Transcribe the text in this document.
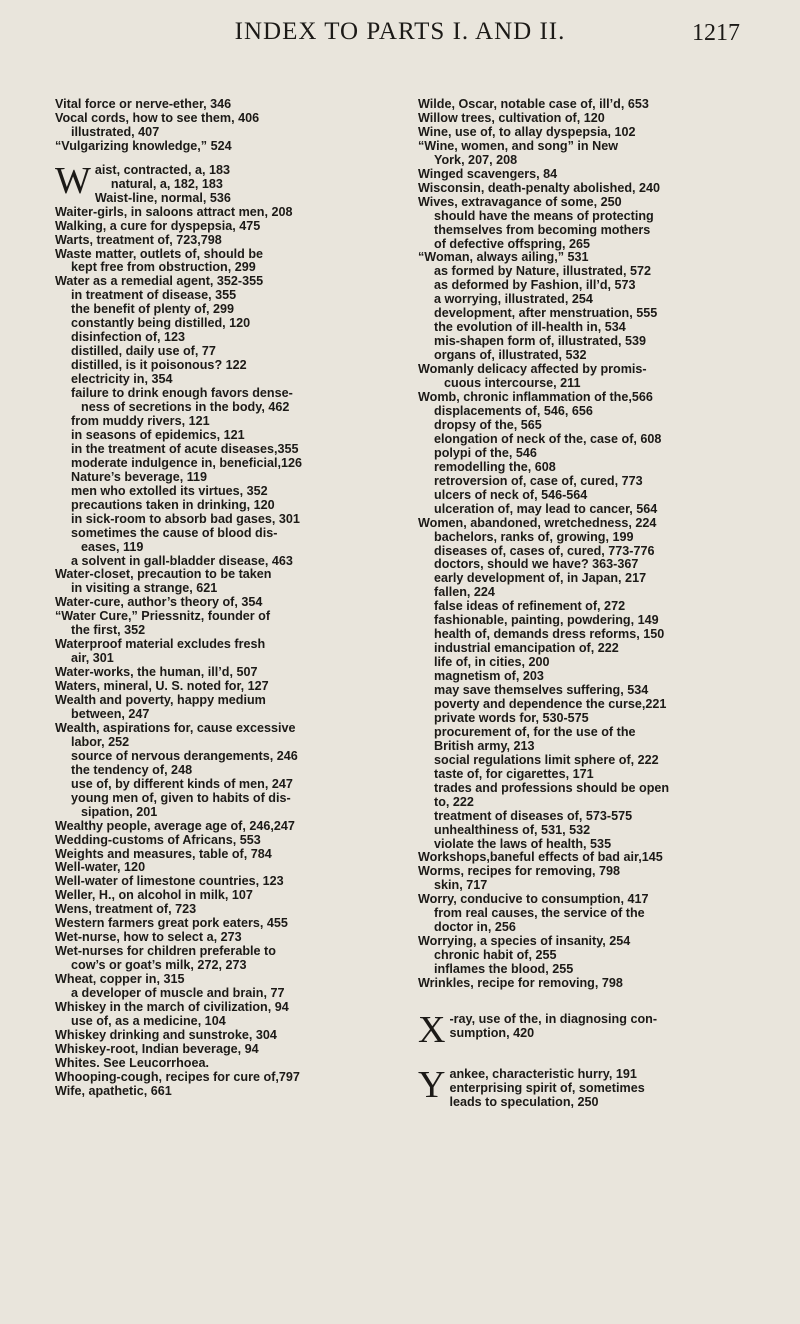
INDEX TO PARTS I. AND II.	1217
Vital force or nerve-ether, 346
Vocal cords, how to see them, 406
illustrated, 407
“Vulgarizing knowledge,” 524
W aist, contracted, a, 183
natural, a, 182, 183
Waist-line, normal, 536
Waiter-girls, in saloons attract men, 208
Walking, a cure for dyspepsia, 475
Warts, treatment of, 723,798
Waste matter, outlets of, should be
kept free from obstruction, 299
Water as a remedial agent, 352-355
in treatment of disease, 355
the benefit of plenty of, 299
constantly being distilled, 120
disinfection of, 123
distilled, daily use of, 77
distilled, is it poisonous? 122
electricity in, 354
failure to drink enough favors dense-
ness of secretions in the body, 462
from muddy rivers, 121
in seasons of epidemics, 121
in the treatment of acute diseases,355
moderate indulgence in, beneficial,126
Nature’s beverage, 119
men who extolled its virtues, 352
precautions taken in drinking, 120
in sick-room to absorb bad gases, 301
sometimes the cause of blood dis-
eases, 119
a solvent in gall-bladder disease, 463
Water-closet, precaution to be taken
in visiting a strange, 621
Water-cure, author’s theory of, 354
“Water Cure,” Priessnitz, founder of
the first, 352
Waterproof material excludes fresh
air, 301
Water-works, the human, ill’d, 507
Waters, mineral, U. S. noted for, 127
Wealth and poverty, happy medium
between, 247
Wealth, aspirations for, cause excessive
labor, 252
source of nervous derangements, 246
the tendency of, 248
use of, by different kinds of men, 247
young men of, given to habits of dis-
sipation, 201
Wealthy people, average age of, 246,247
Wedding-customs of Africans, 553
Weights and measures, table of, 784
Well-water, 120
Well-water of limestone countries, 123
Weller, H., on alcohol in milk, 107
Wens, treatment of, 723
Western farmers great pork eaters, 455
Wet-nurse, how to select a, 273
Wet-nurses for children preferable to
cow’s or goat’s milk, 272, 273
Wheat, copper in, 315
a developer of muscle and brain, 77
Whiskey in the march of civilization, 94
use of, as a medicine, 104
Whiskey drinking and sunstroke, 304
Whiskey-root, Indian beverage, 94
Whites. See Leucorrhoea.
Whooping-cough, recipes for cure of,797
Wife, apathetic, 661
Wilde, Oscar, notable case of, ill’d, 653
Willow trees, cultivation of, 120
Wine, use of, to allay dyspepsia, 102
“Wine, women, and song” in New
York, 207, 208
Winged scavengers, 84
Wisconsin, death-penalty abolished, 240
Wives, extravagance of some, 250
should have the means of protecting
themselves from becoming mothers
of defective offspring, 265
“Woman, always ailing,” 531
as formed by Nature, illustrated, 572
as deformed by Fashion, ill’d, 573
a worrying, illustrated, 254
development, after menstruation, 555
the evolution of ill-health in, 534
mis-shapen form of, illustrated, 539
organs of, illustrated, 532
Womanly delicacy affected by promis-
cuous intercourse, 211
Womb, chronic inflammation of the,566
displacements of, 546, 656
dropsy of the, 565
elongation of neck of the, case of, 608
polypi of the, 546
remodelling the, 608
retroversion of, case of, cured, 773
ulcers of neck of, 546-564
ulceration of, may lead to cancer, 564
Women, abandoned, wretchedness, 224
bachelors, ranks of, growing, 199
diseases of, cases of, cured, 773-776
doctors, should we have? 363-367
early development of, in Japan, 217
fallen, 224
false ideas of refinement of, 272
fashionable, painting, powdering, 149
health of, demands dress reforms, 150
industrial emancipation of, 222
life of, in cities, 200
magnetism of, 203
may save themselves suffering, 534
poverty and dependence the curse,221
private words for, 530-575
procurement of, for the use of the
British army, 213
social regulations limit sphere of, 222
taste of, for cigarettes, 171
trades and professions should be open
to, 222
treatment of diseases of, 573-575
unhealthiness of, 531, 532
violate the laws of health, 535
Workshops,baneful effects of bad air,145
Worms, recipes for removing, 798
skin, 717
Worry, conducive to consumption, 417
from real causes, the service of the
doctor in, 256
Worrying, a species of insanity, 254
chronic habit of, 255
inflames the blood, 255
Wrinkles, recipe for removing, 798
X -ray, use of the, in diagnosing con-
sumption, 420
Y ankee, characteristic hurry, 191
enterprising spirit of, sometimes
leads to speculation, 250
